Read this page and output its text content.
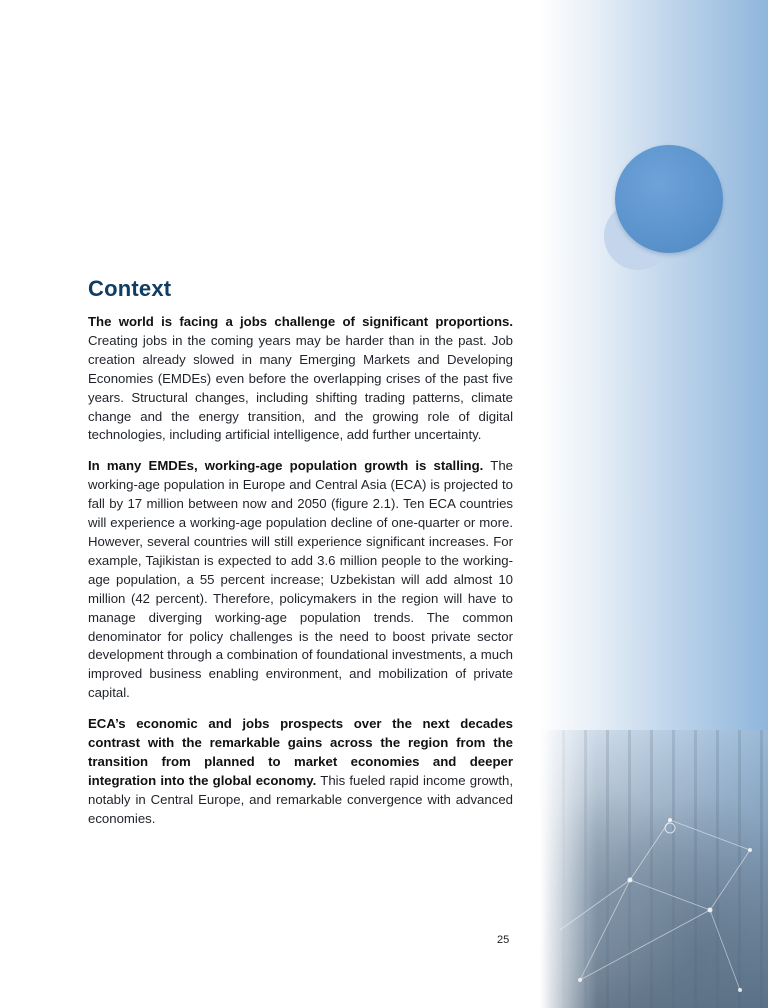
Context

The world is facing a jobs challenge of significant proportions. Creating jobs in the coming years may be harder than in the past. Job creation already slowed in many Emerging Markets and Developing Economies (EMDEs) even before the overlapping crises of the past five years. Structural changes, including shifting trading patterns, climate change and the energy transition, and the growing role of digital technologies, including artificial intelligence, add further uncertainty.

In many EMDEs, working-age population growth is stalling. The working-age population in Europe and Central Asia (ECA) is projected to fall by 17 million between now and 2050 (figure 2.1). Ten ECA countries will experience a working-age population decline of one-quarter or more. However, several countries will still experience significant increases. For example, Tajikistan is expected to add 3.6 million people to the working-age population, a 55 percent increase; Uzbekistan will add almost 10 million (42 percent). Therefore, policymakers in the region will have to manage diverging working-age population trends. The common denominator for policy challenges is the need to boost private sector development through a combination of foundational investments, a much improved business enabling environment, and mobilization of private capital.

ECA’s economic and jobs prospects over the next decades contrast with the remarkable gains across the region from the transition from planned to market economies and deeper integration into the global economy. This fueled rapid income growth, notably in Central Europe, and remarkable convergence with advanced economies.

25
